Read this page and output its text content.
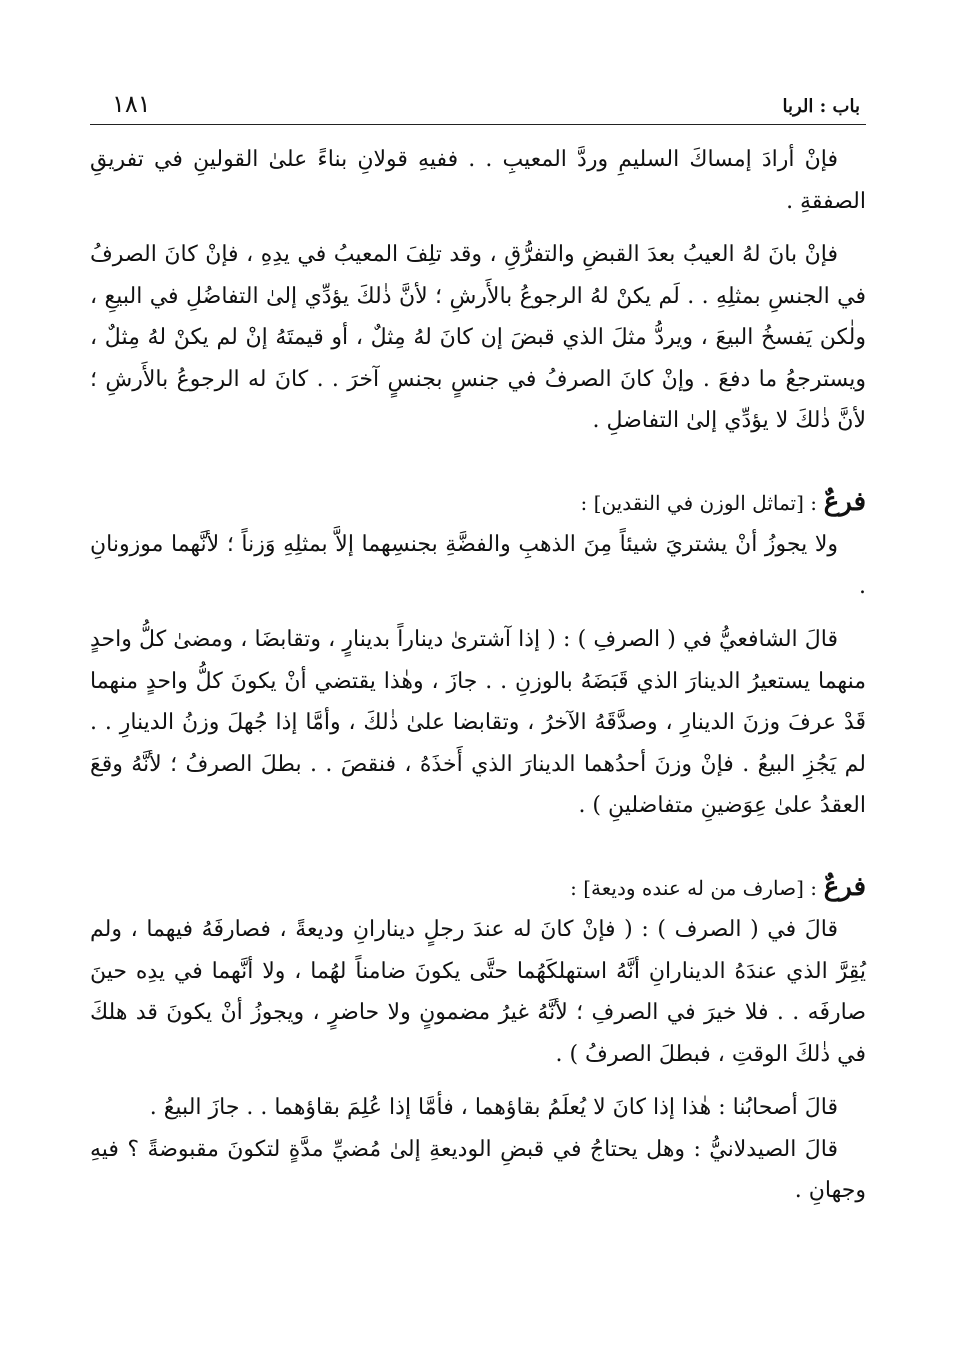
باب : الربا
١٨١

فإنْ أرادَ إمساكَ السليمِ وردَّ المعيبِ . . ففيهِ قولانِ بناءً علىٰ القولينِ في تفريقِ الصفقةِ .

فإنْ بانَ لهُ العيبُ بعدَ القبضِ والتفرُّقِ ، وقد تلِفَ المعيبُ في يدِهِ ، فإنْ كانَ الصرفُ في الجنسِ بمثلِهِ . . لَم يكنْ لهُ الرجوعُ بالأَرشِ ؛ لأنَّ ذٰلكَ يؤدِّي إلىٰ التفاضُلِ في البيعِ ، ولٰكن يَفسخُ البيعَ ، ويردُّ مثلَ الذي قبضَ إن كانَ لهُ مِثلٌ ، أو قيمتَهُ إنْ لم يكنْ لهُ مِثلٌ ، ويسترجعُ ما دفعَ . وإنْ كانَ الصرفُ في جنسٍ بجنسٍ آخرَ . . كانَ له الرجوعُ بالأَرشِ ؛ لأنَّ ذٰلكَ لا يؤدِّي إلىٰ التفاضلِ .

فرعٌ : [تماثل الوزن في النقدين] :

ولا يجوزُ أنْ يشتريَ شيئاً مِنَ الذهبِ والفضَّةِ بجنسِهما إلاَّ بمثلِهِ وَزناً ؛ لأنَّهما موزونانِ .

قالَ الشافعيُّ في ( الصرفِ ) : ( إذا آشترىٰ ديناراً بدينارٍ ، وتقابضَا ، ومضىٰ كلُّ واحدٍ منهما يستعيرُ الدينارَ الذي قَبَضَهُ بالوزنِ . . جازَ ، وهٰذا يقتضي أنْ يكونَ كلُّ واحدٍ منهما قَدْ عرفَ وزنَ الدينارِ ، وصدَّقَهُ الآخرُ ، وتقابضا علىٰ ذٰلكَ ، وأمَّا إذا جُهلَ وزنُ الدينارِ . . لم يَجُزِ البيعُ . فإنْ وزنَ أحدُهما الدينارَ الذي أَخذَهُ ، فنقصَ . . بطلَ الصرفُ ؛ لأنَّهُ وقعَ العقدُ علىٰ عِوَضينِ متفاضلينِ ) .

فرعٌ : [صارف من له عنده وديعة] :

قالَ في ( الصرف ) : ( فإنْ كانَ له عندَ رجلٍ دينارانِ وديعةً ، فصارفَهُ فيهما ، ولم يُقِرَّ الذي عندَهُ الدينارانِ أنَّهُ استهلكَهُما حتَّى يكونَ ضامناً لهُما ، ولا أنَّهما في يدِه حينَ صارفَه . . فلا خيرَ في الصرفِ ؛ لأنَّهُ غيرُ مضمونٍ ولا حاضرٍ ، ويجوزُ أنْ يكونَ قد هلكَ في ذٰلكَ الوقتِ ، فبطلَ الصرفُ ) .

قالَ أصحابُنا : هٰذا إذا كانَ لا يُعلَمُ بقاؤهما ، فأمَّا إذا عُلِمَ بقاؤهما . . جازَ البيعُ .

قالَ الصيدلانيُّ : وهل يحتاجُ في قبضِ الوديعةِ إلىٰ مُضيِّ مدَّةٍ لتكونَ مقبوضةً ؟ فيهِ وجهانِ .
